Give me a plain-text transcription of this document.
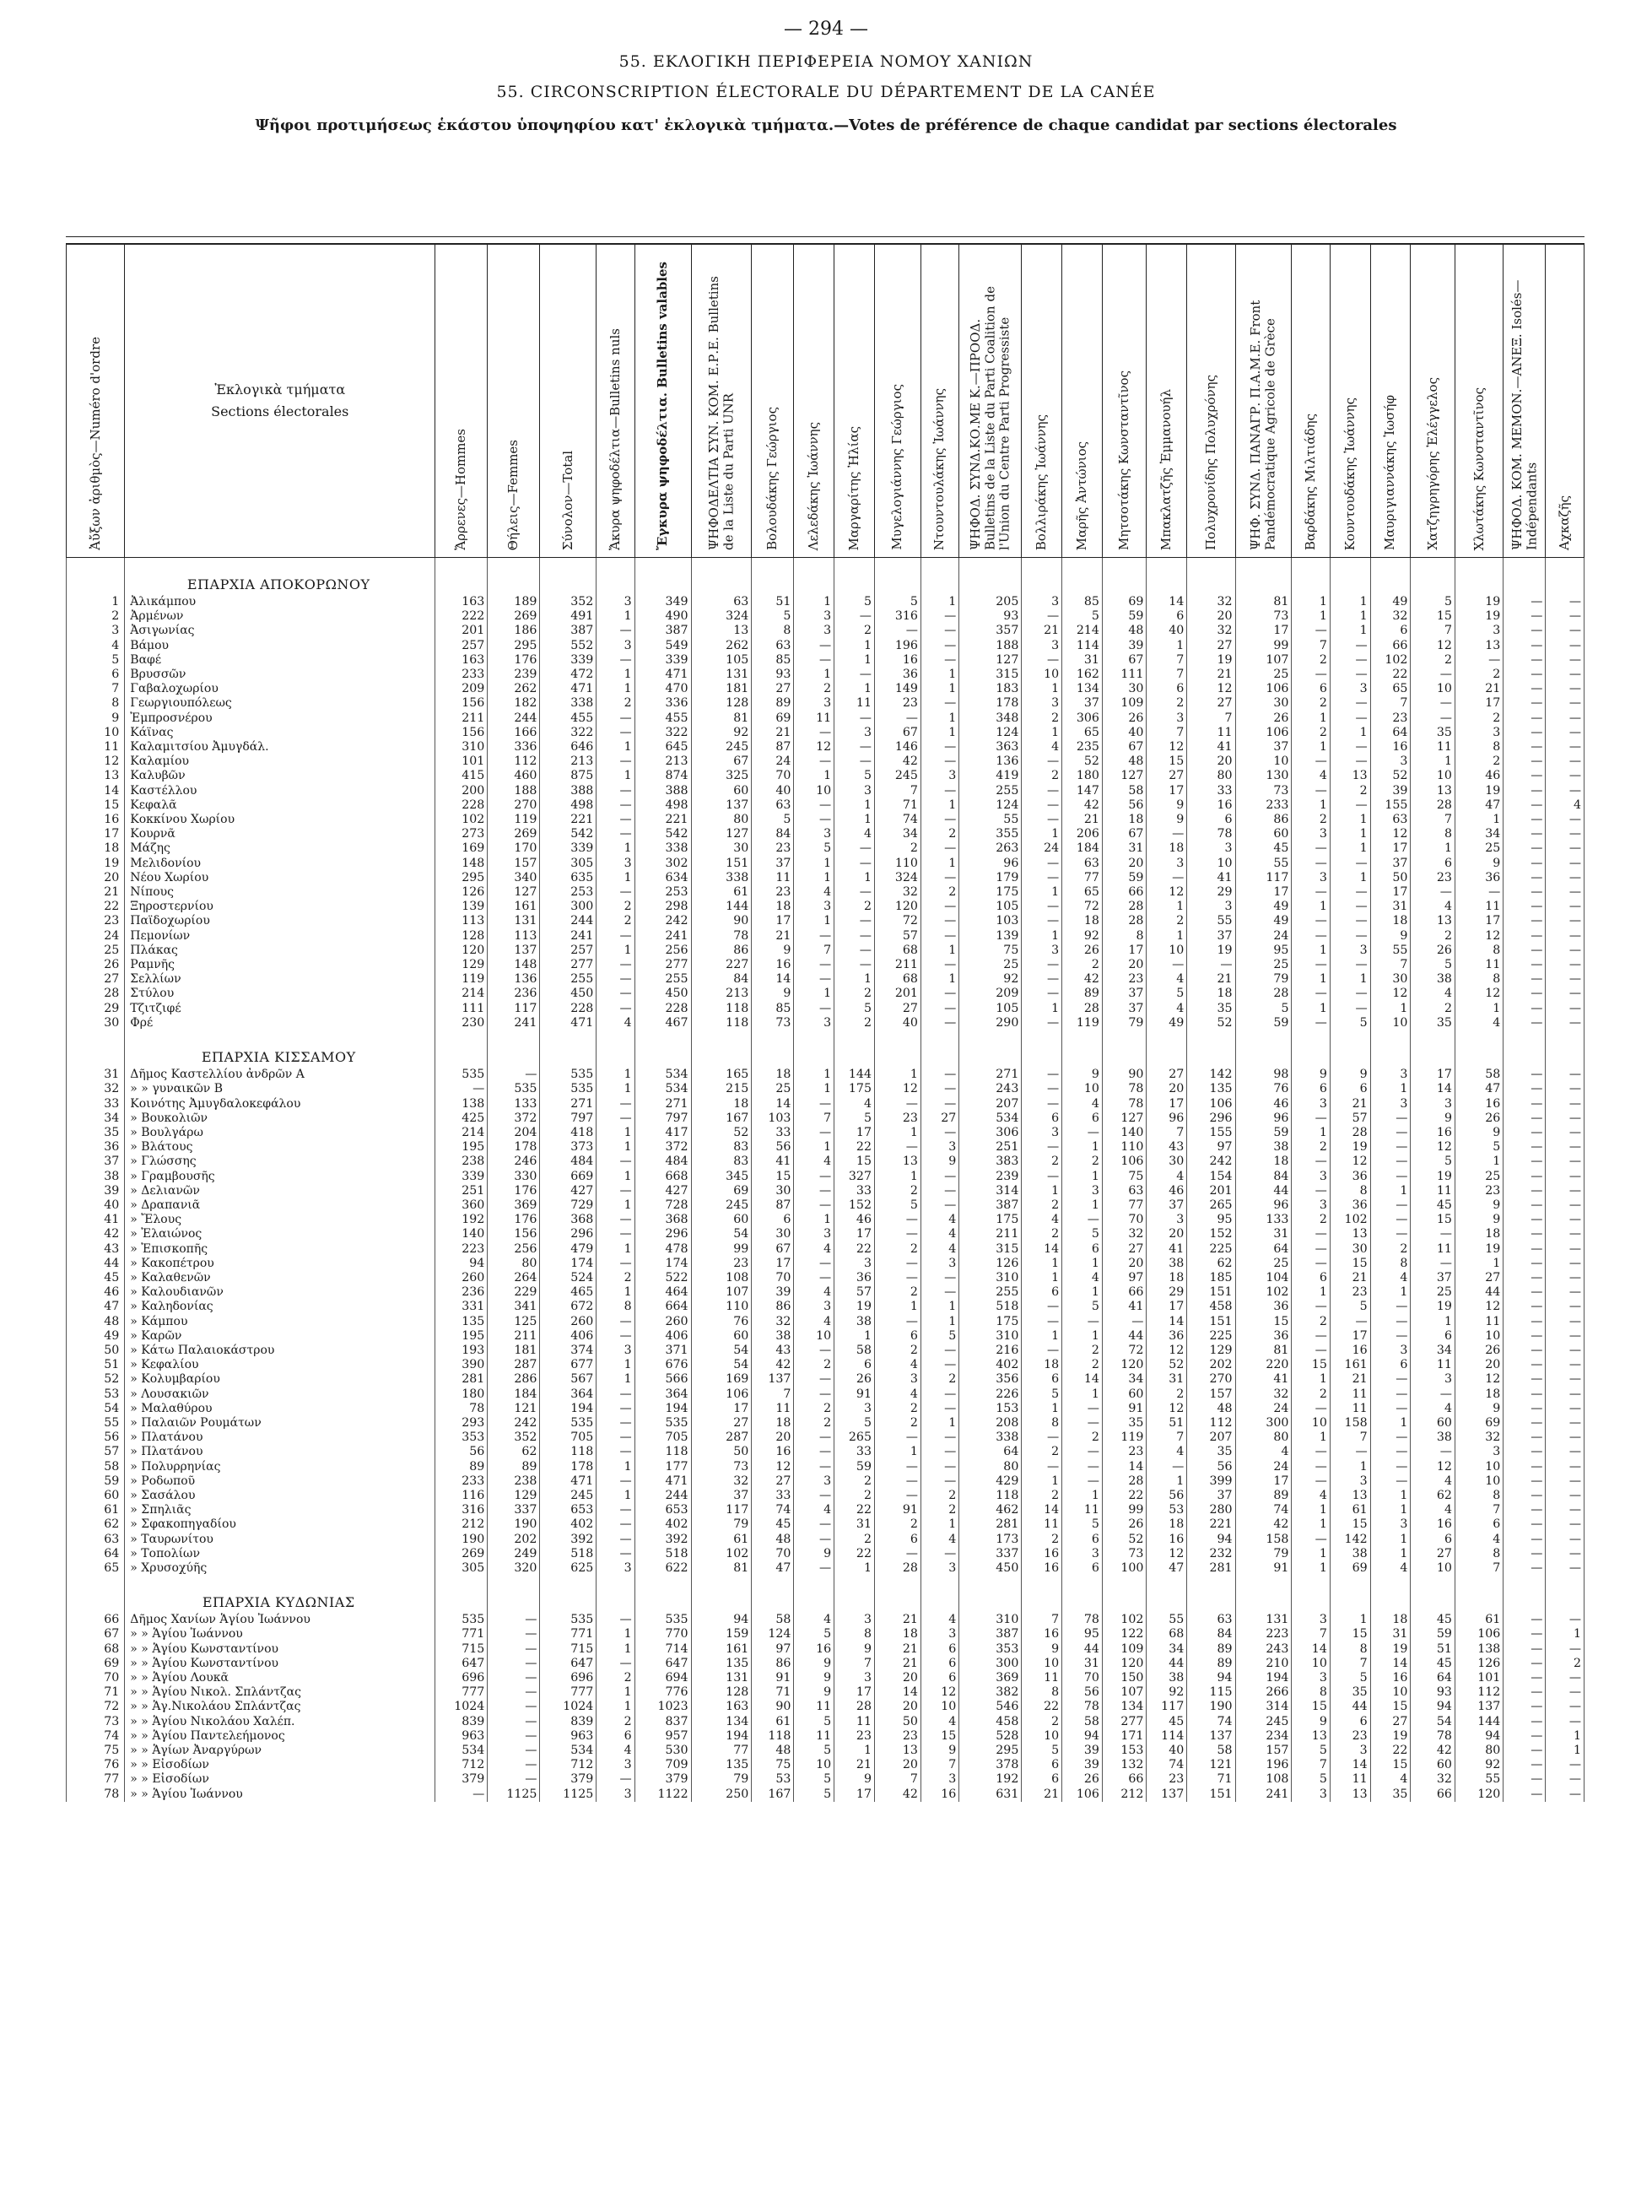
— 294 —
55. ΕΚΛΟΓΙΚΗ ΠΕΡΙΦΕΡΕΙΑ ΝΟΜΟΥ ΧΑΝΙΩΝ
55. CIRCONSCRIPTION ÉLECTORALE DU DÉPARTEMENT DE LA CANÉE
Ψῆφοι προτιμήσεως ἑκάστου ὑποψηφίου κατ' ἐκλογικὰ τμήματα.—Votes de préférence de chaque candidat par sections électorales
Ἀὔξων ἀριθμὸς—Numéro d'ordre	Ἐκλογικὰ τμήματα
Sections électorales	Ἄρρενες—Hommes	Θήλεις—Femmes	Σύνολον—Total	Ἄκυρα ψηφοδέλτια—Bulletins nuls	Ἔγκυρα ψηφοδέλτια. Bulletins valables	ΨΗΦΟΔΕΛΤΙΑ ΣΥΝ. ΚΟΜ. Ε.Ρ.Ε. Bulletins de la Liste du Parti UNR	Βολουδάκης Γεώργιος	Λελεδάκης Ἰωάννης	Μαργαρίτης Ἠλίας	Μυγελογιάννης Γεώργιος	Ντουντουλάκης Ἰωάννης	ΨΗΦΟΔ. ΣΥΝΔ.ΚΟ.ΜΕ Κ.—ΠΡΟΟΔ. Bulletins de la Liste du Parti Coalition de l'Union du Centre Parti Progressiste	Βολλιράκης Ἰωάννης	Μαρῆς Ἀντώνιος	Μητσοτάκης Κωνσταντῖνος	Μπακλατζῆς Ἐμμανουήλ	Πολυχρονίδης Πολυχρόνης	ΨΗΦ. ΣΥΝΔ. ΠΑΝΑΓΡ. Π.Α.Μ.Ε. Front Pandémocratique Agricole de Grèce	Βαρδάκης Μιλτιάδης	Κουντουδάκης Ἰωάννης	Μαυριγιαννάκης Ἰωσήφ	Χατζηγρηγόρης Ἐλέγγελος	Χλωτάκης Κωνσταντῖνος	ΨΗΦΟΔ. ΚΟΜ. ΜΕΜΟΝ.—ΑΝΕΞ. Isolés—Indépendants	Αχκαζῆς

	ΕΠΑΡΧΙΑ ΑΠΟΚΟΡΩΝΟΥ																									
1	Ἀλικάμπου	163	189	352	3	349	63	51	1	5	5	1	205	3	85	69	14	32	81	1	1	49	5	19	—	—
2	Ἀρμένων	222	269	491	1	490	324	5	3	—	316	—	93	—	5	59	6	20	73	1	1	32	15	19	—	—
3	Ἀσιγωνίας	201	186	387	—	387	13	8	3	2	—	—	357	21	214	48	40	32	17	—	1	6	7	3	—	—
4	Βάμου	257	295	552	3	549	262	63	—	1	196	—	188	3	114	39	1	27	99	7	—	66	12	13	—	—
5	Βαφέ	163	176	339	—	339	105	85	—	1	16	—	127	—	31	67	7	19	107	2	—	102	2	—	—	—
6	Βρυσσῶν	233	239	472	1	471	131	93	1	—	36	1	315	10	162	111	7	21	25	—	—	22	—	2	—	—
7	Γαβαλοχωρίου	209	262	471	1	470	181	27	2	1	149	1	183	1	134	30	6	12	106	6	3	65	10	21	—	—
8	Γεωργιουπόλεως	156	182	338	2	336	128	89	3	11	23	—	178	3	37	109	2	27	30	2	—	7	—	17	—	—
9	Ἐμπροσνέρου	211	244	455	—	455	81	69	11	—	—	1	348	2	306	26	3	7	26	1	—	23	—	2	—	—
10	Κάϊνας	156	166	322	—	322	92	21	—	3	67	1	124	1	65	40	7	11	106	2	1	64	35	3	—	—
11	Καλαμιτσίου Ἀμυγδάλ.	310	336	646	1	645	245	87	12	—	146	—	363	4	235	67	12	41	37	1	—	16	11	8	—	—
12	Καλαμίου	101	112	213	—	213	67	24	—	—	42	—	136	—	52	48	15	20	10	—	—	3	1	2	—	—
13	Καλυβῶν	415	460	875	1	874	325	70	1	5	245	3	419	2	180	127	27	80	130	4	13	52	10	46	—	—
14	Καστέλλου	200	188	388	—	388	60	40	10	3	7	—	255	—	147	58	17	33	73	—	2	39	13	19	—	—
15	Κεφαλᾶ	228	270	498	—	498	137	63	—	1	71	1	124	—	42	56	9	16	233	1	—	155	28	47	—	4
16	Κοκκίνου Χωρίου	102	119	221	—	221	80	5	—	1	74	—	55	—	21	18	9	6	86	2	1	63	7	1	—	—
17	Κουρνᾶ	273	269	542	—	542	127	84	3	4	34	2	355	1	206	67	—	78	60	3	1	12	8	34	—	—
18	Μάζης	169	170	339	1	338	30	23	5	—	2	—	263	24	184	31	18	3	45	—	1	17	1	25	—	—
19	Μελιδονίου	148	157	305	3	302	151	37	1	—	110	1	96	—	63	20	3	10	55	—	—	37	6	9	—	—
20	Νέου Χωρίου	295	340	635	1	634	338	11	1	1	324	—	179	—	77	59	—	41	117	3	1	50	23	36	—	—
21	Νίπους	126	127	253	—	253	61	23	4	—	32	2	175	1	65	66	12	29	17	—	—	17	—	—	—	—
22	Ξηροστερνίου	139	161	300	2	298	144	18	3	2	120	—	105	—	72	28	1	3	49	1	—	31	4	11	—	—
23	Παϊδοχωρίου	113	131	244	2	242	90	17	1	—	72	—	103	—	18	28	2	55	49	—	—	18	13	17	—	—
24	Πεμονίων	128	113	241	—	241	78	21	—	—	57	—	139	1	92	8	1	37	24	—	—	9	2	12	—	—
25	Πλάκας	120	137	257	1	256	86	9	7	—	68	1	75	3	26	17	10	19	95	1	3	55	26	8	—	—
26	Ραμνῆς	129	148	277	—	277	227	16	—	—	211	—	25	—	2	20	—	—	25	—	—	7	5	11	—	—
27	Σελλίων	119	136	255	—	255	84	14	—	1	68	1	92	—	42	23	4	21	79	1	1	30	38	8	—	—
28	Στύλου	214	236	450	—	450	213	9	1	2	201	—	209	—	89	37	5	18	28	—	—	12	4	12	—	—
29	Τζιτζιφέ	111	117	228	—	228	118	85	—	5	27	—	105	1	28	37	4	35	5	1	—	1	2	1	—	—
30	Φρέ	230	241	471	4	467	118	73	3	2	40	—	290	—	119	79	49	52	59	—	5	10	35	4	—	—
	ΕΠΑΡΧΙΑ ΚΙΣΣΑΜΟΥ																									
31	Δῆμος Καστελλίου ἀνδρῶν Α	535	—	535	1	534	165	18	1	144	1	—	271	—	9	90	27	142	98	9	9	3	17	58	—	—
32	» » γυναικῶν Β	—	535	535	1	534	215	25	1	175	12	—	243	—	10	78	20	135	76	6	6	1	14	47	—	—
33	Κοινότης Ἀμυγδαλοκεφάλου	138	133	271	—	271	18	14	—	4	—	—	207	—	4	78	17	106	46	3	21	3	3	16	—	—
34	» Βουκολιῶν	425	372	797	—	797	167	103	7	5	23	27	534	6	6	127	96	296	96	—	57	—	9	26	—	—
35	» Βουλγάρω	214	204	418	1	417	52	33	—	17	1	—	306	3	—	140	7	155	59	1	28	—	16	9	—	—
36	» Βλάτους	195	178	373	1	372	83	56	1	22	—	3	251	—	1	110	43	97	38	2	19	—	12	5	—	—
37	» Γλώσσης	238	246	484	—	484	83	41	4	15	13	9	383	2	2	106	30	242	18	—	12	—	5	1	—	—
38	» Γραμβουσῆς	339	330	669	1	668	345	15	—	327	1	—	239	—	1	75	4	154	84	3	36	—	19	25	—	—
39	» Δελιανῶν	251	176	427	—	427	69	30	—	33	2	—	314	1	3	63	46	201	44	—	8	1	11	23	—	—
40	» Δραπανιᾶ	360	369	729	1	728	245	87	—	152	5	—	387	2	1	77	37	265	96	3	36	—	45	9	—	—
41	» Ἔλους	192	176	368	—	368	60	6	1	46	—	4	175	4	—	70	3	95	133	2	102	—	15	9	—	—
42	» Ἐλαιώνος	140	156	296	—	296	54	30	3	17	—	4	211	2	5	32	20	152	31	—	13	—	—	18	—	—
43	» Ἐπισκοπῆς	223	256	479	1	478	99	67	4	22	2	4	315	14	6	27	41	225	64	—	30	2	11	19	—	—
44	» Κακοπέτρου	94	80	174	—	174	23	17	—	3	—	3	126	1	1	20	38	62	25	—	15	8	—	1	—	—
45	» Καλαθενῶν	260	264	524	2	522	108	70	—	36	—	—	310	1	4	97	18	185	104	6	21	4	37	27	—	—
46	» Καλουδιανῶν	236	229	465	1	464	107	39	4	57	2	—	255	6	1	66	29	151	102	1	23	1	25	44	—	—
47	» Καληδονίας	331	341	672	8	664	110	86	3	19	1	1	518	—	5	41	17	458	36	—	5	—	19	12	—	—
48	» Κάμπου	135	125	260	—	260	76	32	4	38	—	1	175	—	—	—	14	151	15	2	—	—	1	11	—	—
49	» Καρῶν	195	211	406	—	406	60	38	10	1	6	5	310	1	1	44	36	225	36	—	17	—	6	10	—	—
50	» Κάτω Παλαιοκάστρου	193	181	374	3	371	54	43	—	58	2	—	216	—	2	72	12	129	81	—	16	3	34	26	—	—
51	» Κεφαλίου	390	287	677	1	676	54	42	2	6	4	—	402	18	2	120	52	202	220	15	161	6	11	20	—	—
52	» Κολυμβαρίου	281	286	567	1	566	169	137	—	26	3	2	356	6	14	34	31	270	41	1	21	—	3	12	—	—
53	» Λουσακιῶν	180	184	364	—	364	106	7	—	91	4	—	226	5	1	60	2	157	32	2	11	—	—	18	—	—
54	» Μαλαθύρου	78	121	194	—	194	17	11	2	3	2	—	153	1	—	91	12	48	24	—	11	—	4	9	—	—
55	» Παλαιῶν Ρουμάτων	293	242	535	—	535	27	18	2	5	2	1	208	8	—	35	51	112	300	10	158	1	60	69	—	—
56	» Πλατάνου	353	352	705	—	705	287	20	—	265	—	—	338	—	2	119	7	207	80	1	7	—	38	32	—	—
57	» Πλατάνου	56	62	118	—	118	50	16	—	33	1	—	64	2	—	23	4	35	4	—	—	—	—	3	—	—
58	» Πολυρρηνίας	89	89	178	1	177	73	12	—	59	—	—	80	—	—	14	—	56	24	—	1	—	12	10	—	—
59	» Ροδωποῦ	233	238	471	—	471	32	27	3	2	—	—	429	1	—	28	1	399	17	—	3	—	4	10	—	—
60	» Σασάλου	116	129	245	1	244	37	33	—	2	—	2	118	2	1	22	56	37	89	4	13	1	62	8	—	—
61	» Σπηλιᾶς	316	337	653	—	653	117	74	4	22	91	2	462	14	11	99	53	280	74	1	61	1	4	7	—	—
62	» Σφακοπηγαδίου	212	190	402	—	402	79	45	—	31	2	1	281	11	5	26	18	221	42	1	15	3	16	6	—	—
63	» Ταυρωνίτου	190	202	392	—	392	61	48	—	2	6	4	173	2	6	52	16	94	158	—	142	1	6	4	—	—
64	» Τοπολίων	269	249	518	—	518	102	70	9	22	—	—	337	16	3	73	12	232	79	1	38	1	27	8	—	—
65	» Χρυσοχύῆς	305	320	625	3	622	81	47	—	1	28	3	450	16	6	100	47	281	91	1	69	4	10	7	—	—
	ΕΠΑΡΧΙΑ ΚΥΔΩΝΙΑΣ																									
66	Δῆμος Χανίων Ἁγίου Ἰωάννου	535	—	535	—	535	94	58	4	3	21	4	310	7	78	102	55	63	131	3	1	18	45	61	—	—
67	» » Ἁγίου Ἰωάννου	771	—	771	1	770	159	124	5	8	18	3	387	16	95	122	68	84	223	7	15	31	59	106	—	1
68	» » Ἁγίου Κωνσταντίνου	715	—	715	1	714	161	97	16	9	21	6	353	9	44	109	34	89	243	14	8	19	51	138	—	—
69	» » Ἁγίου Κωνσταντίνου	647	—	647	—	647	135	86	9	7	21	6	300	10	31	120	44	89	210	10	7	14	45	126	—	2
70	» » Ἁγίου Λουκᾶ	696	—	696	2	694	131	91	9	3	20	6	369	11	70	150	38	94	194	3	5	16	64	101	—	—
71	» » Ἁγίου Νικολ. Σπλάντζας	777	—	777	1	776	128	71	9	17	14	12	382	8	56	107	92	115	266	8	35	10	93	112	—	—
72	» » Ἁγ.Νικολάου Σπλάντζας	1024	—	1024	1	1023	163	90	11	28	20	10	546	22	78	134	117	190	314	15	44	15	94	137	—	—
73	» » Ἁγίου Νικολάου Χαλέπ.	839	—	839	2	837	134	61	5	11	50	4	458	2	58	277	45	74	245	9	6	27	54	144	—	—
74	» » Ἁγίου Παντελεήμονος	963	—	963	6	957	194	118	11	23	23	15	528	10	94	171	114	137	234	13	23	19	78	94	—	1
75	» » Ἁγίων Ἀναργύρων	534	—	534	4	530	77	48	5	1	13	9	295	5	39	153	40	58	157	5	3	22	42	80	—	1
76	» » Εἰσοδίων	712	—	712	3	709	135	75	10	21	20	7	378	6	39	132	74	121	196	7	14	15	60	92	—	—
77	» » Εἰσοδίων	379	—	379	—	379	79	53	5	9	7	3	192	6	26	66	23	71	108	5	11	4	32	55	—	—
78	» » Ἁγίου Ἰωάννου	—	1125	1125	3	1122	250	167	5	17	42	16	631	21	106	212	137	151	241	3	13	35	66	120	—	—
